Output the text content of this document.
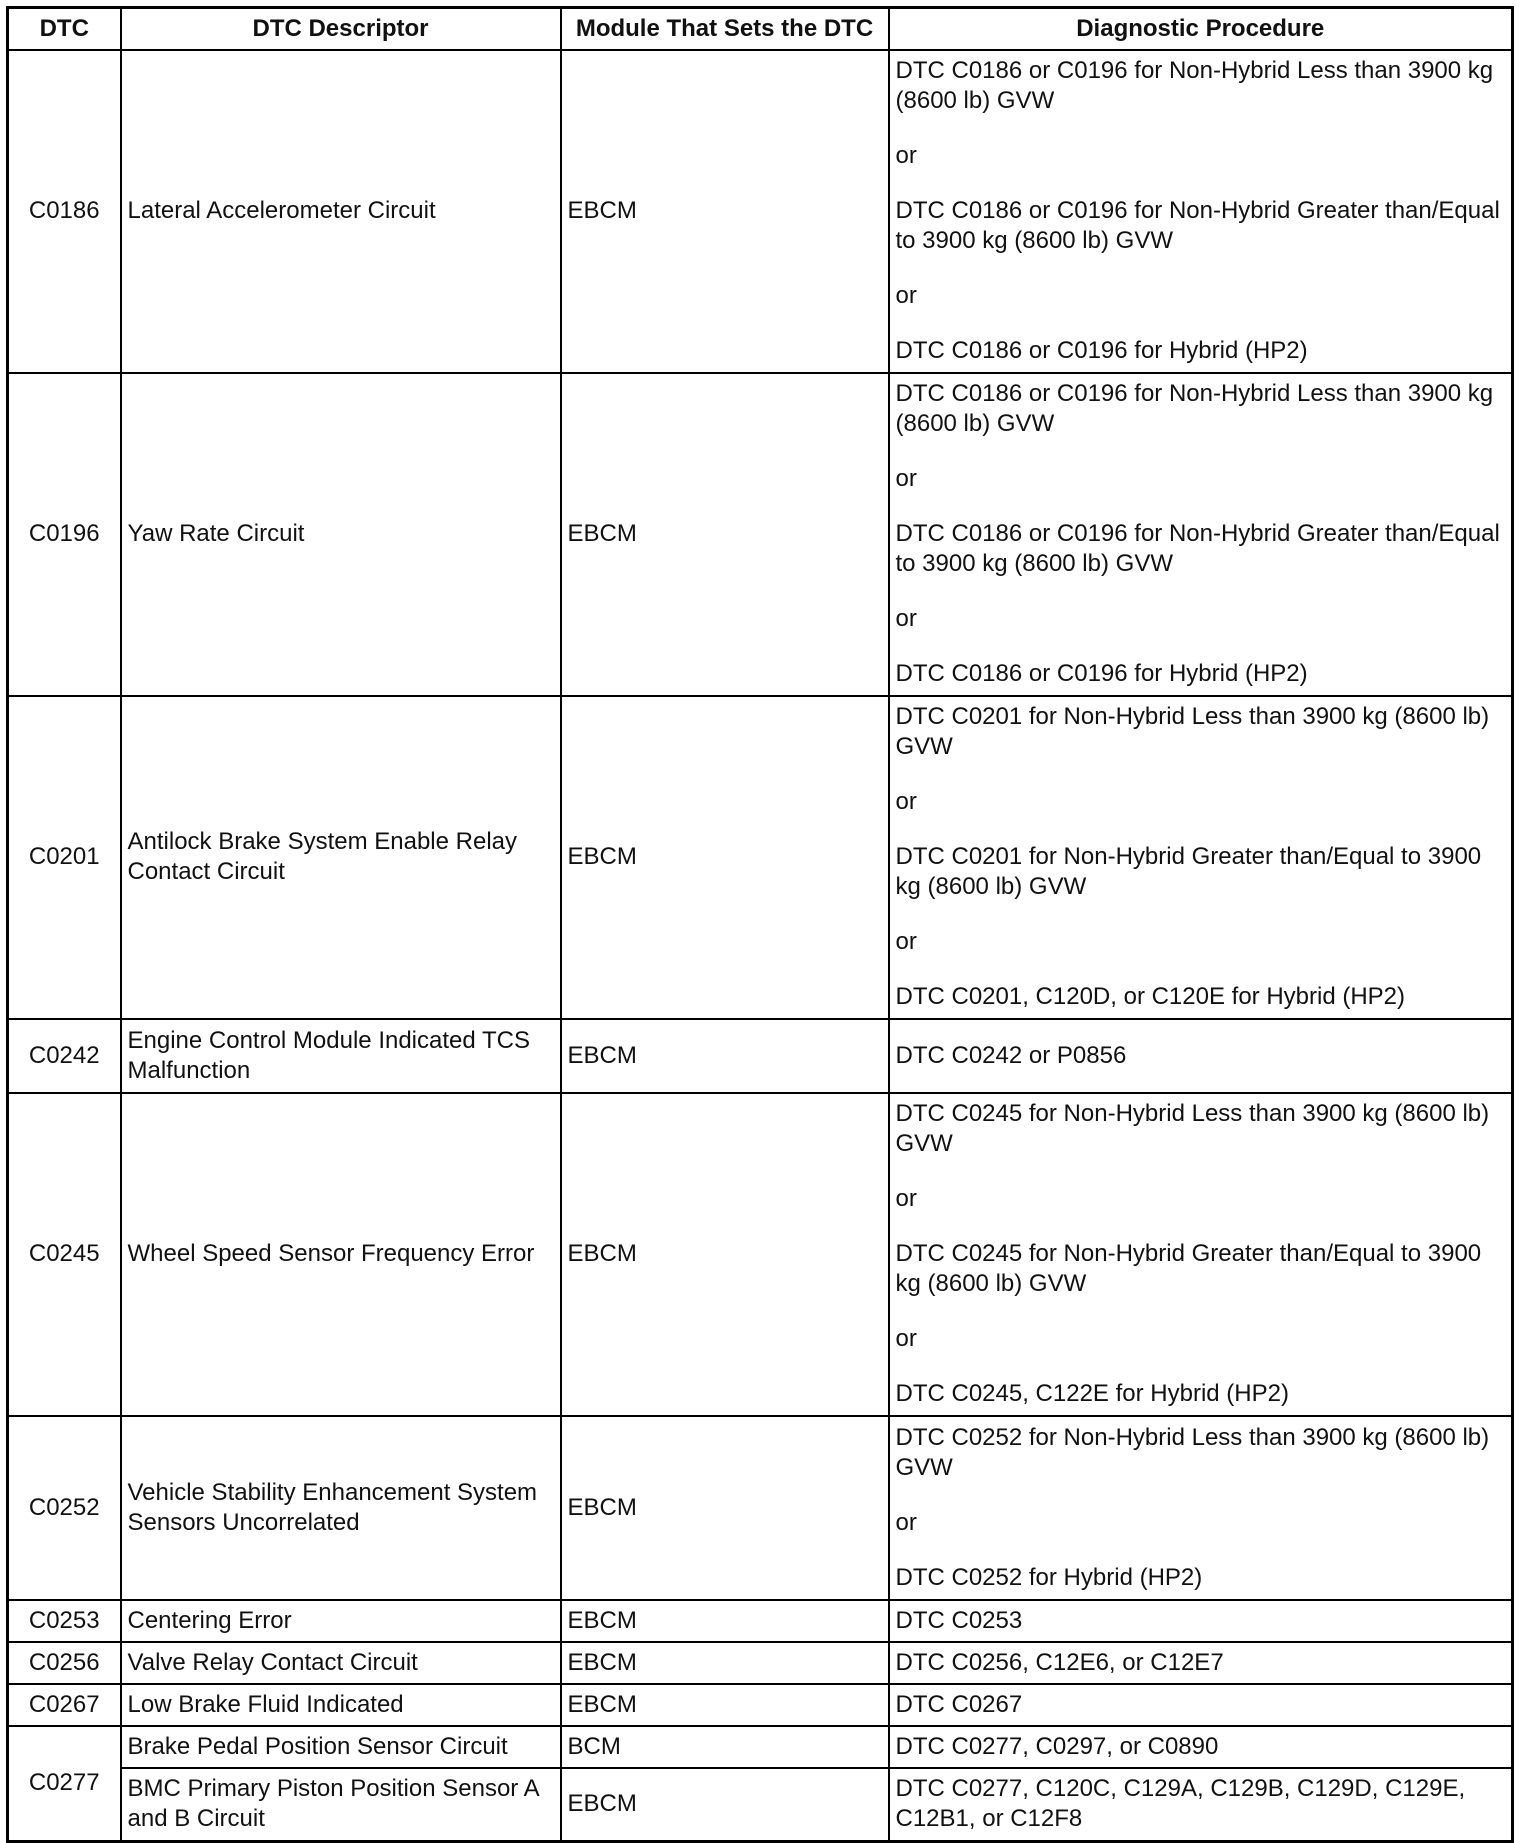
DTC	DTC Descriptor	Module That Sets the DTC	Diagnostic Procedure
C0186	Lateral Accelerometer Circuit	EBCM	DTC C0186 or C0196 for Non-Hybrid Less than 3900 kg (8600 lb) GVW
or
DTC C0186 or C0196 for Non-Hybrid Greater than/Equal to 3900 kg (8600 lb) GVW
or
DTC C0186 or C0196 for Hybrid (HP2)

C0196	Yaw Rate Circuit	EBCM	DTC C0186 or C0196 for Non-Hybrid Less than 3900 kg (8600 lb) GVW
or
DTC C0186 or C0196 for Non-Hybrid Greater than/Equal to 3900 kg (8600 lb) GVW
or
DTC C0186 or C0196 for Hybrid (HP2)

C0201	Antilock Brake System Enable Relay Contact Circuit	EBCM	DTC C0201 for Non-Hybrid Less than 3900 kg (8600 lb) GVW
or
DTC C0201 for Non-Hybrid Greater than/Equal to 3900 kg (8600 lb) GVW
or
DTC C0201, C120D, or C120E for Hybrid (HP2)

C0242	Engine Control Module Indicated TCS Malfunction	EBCM	DTC C0242 or P0856

C0245	Wheel Speed Sensor Frequency Error	EBCM	DTC C0245 for Non-Hybrid Less than 3900 kg (8600 lb) GVW
or
DTC C0245 for Non-Hybrid Greater than/Equal to 3900 kg (8600 lb) GVW
or
DTC C0245, C122E for Hybrid (HP2)

C0252	Vehicle Stability Enhancement System Sensors Uncorrelated	EBCM	DTC C0252 for Non-Hybrid Less than 3900 kg (8600 lb) GVW
or
DTC C0252 for Hybrid (HP2)

C0253	Centering Error	EBCM	DTC C0253

C0256	Valve Relay Contact Circuit	EBCM	DTC C0256, C12E6, or C12E7

C0267	Low Brake Fluid Indicated	EBCM	DTC C0267

C0277	Brake Pedal Position Sensor Circuit	BCM	DTC C0277, C0297, or C0890
	BMC Primary Piston Position Sensor A and B Circuit	EBCM	DTC C0277, C120C, C129A, C129B, C129D, C129E, C12B1, or C12F8
